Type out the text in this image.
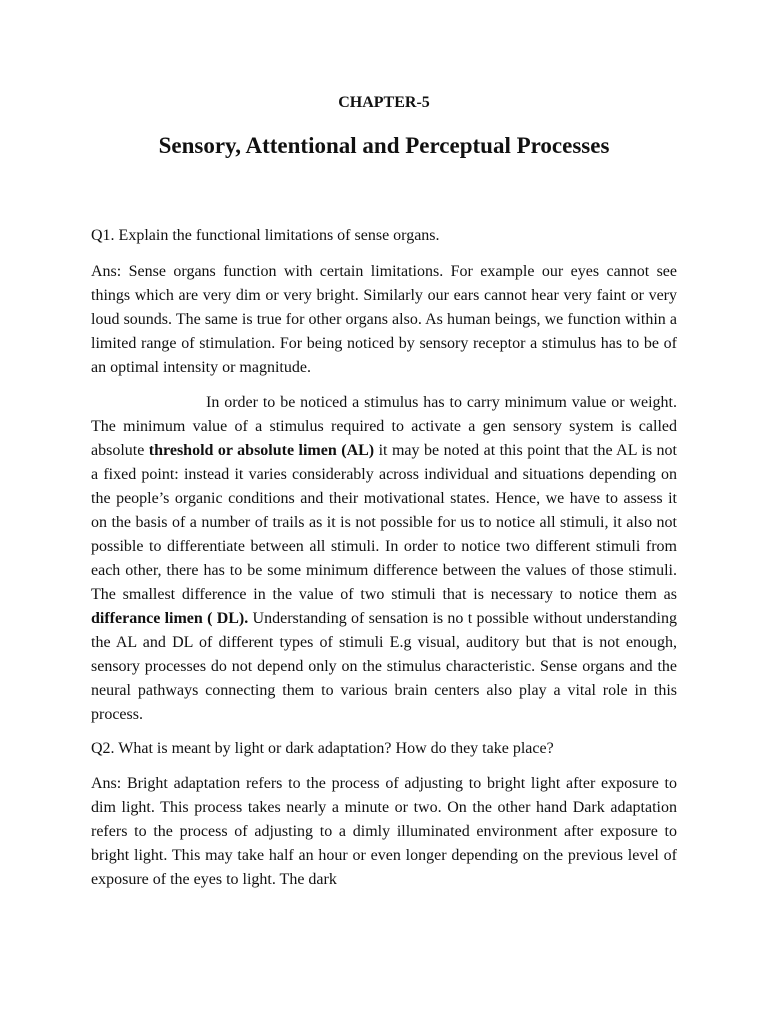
CHAPTER-5
Sensory, Attentional and Perceptual Processes

Q1. Explain the functional limitations of sense organs.

Ans: Sense organs function with certain limitations. For example our eyes cannot see things which are very dim or very bright. Similarly our ears cannot hear very faint or very loud sounds. The same is true for other organs also. As human beings, we function within a limited range of stimulation. For being noticed by sensory receptor a stimulus has to be of an optimal intensity or magnitude.

In order to be noticed a stimulus has to carry minimum value or weight. The minimum value of a stimulus required to activate a gen sensory system is called absolute threshold or absolute limen (AL) it may be noted at this point that the AL is not a fixed point: instead it varies considerably across individual and situations depending on the people’s organic conditions and their motivational states. Hence, we have to assess it on the basis of a number of trails as it is not possible for us to notice all stimuli, it also not possible to differentiate between all stimuli. In order to notice two different stimuli from each other, there has to be some minimum difference between the values of those stimuli. The smallest difference in the value of two stimuli that is necessary to notice them as differance limen ( DL). Understanding of sensation is no t possible without understanding the AL and DL of different types of stimuli E.g visual, auditory but that is not enough, sensory processes do not depend only on the stimulus characteristic. Sense organs and the neural pathways connecting them to various brain centers also play a vital role in this process.

Q2. What is meant by light or dark adaptation? How do they take place?

Ans: Bright adaptation refers to the process of adjusting to bright light after exposure to dim light. This process takes nearly a minute or two. On the other hand Dark adaptation refers to the process of adjusting to a dimly illuminated environment after exposure to bright light. This may take half an hour or even longer depending on the previous level of exposure of the eyes to light. The dark
